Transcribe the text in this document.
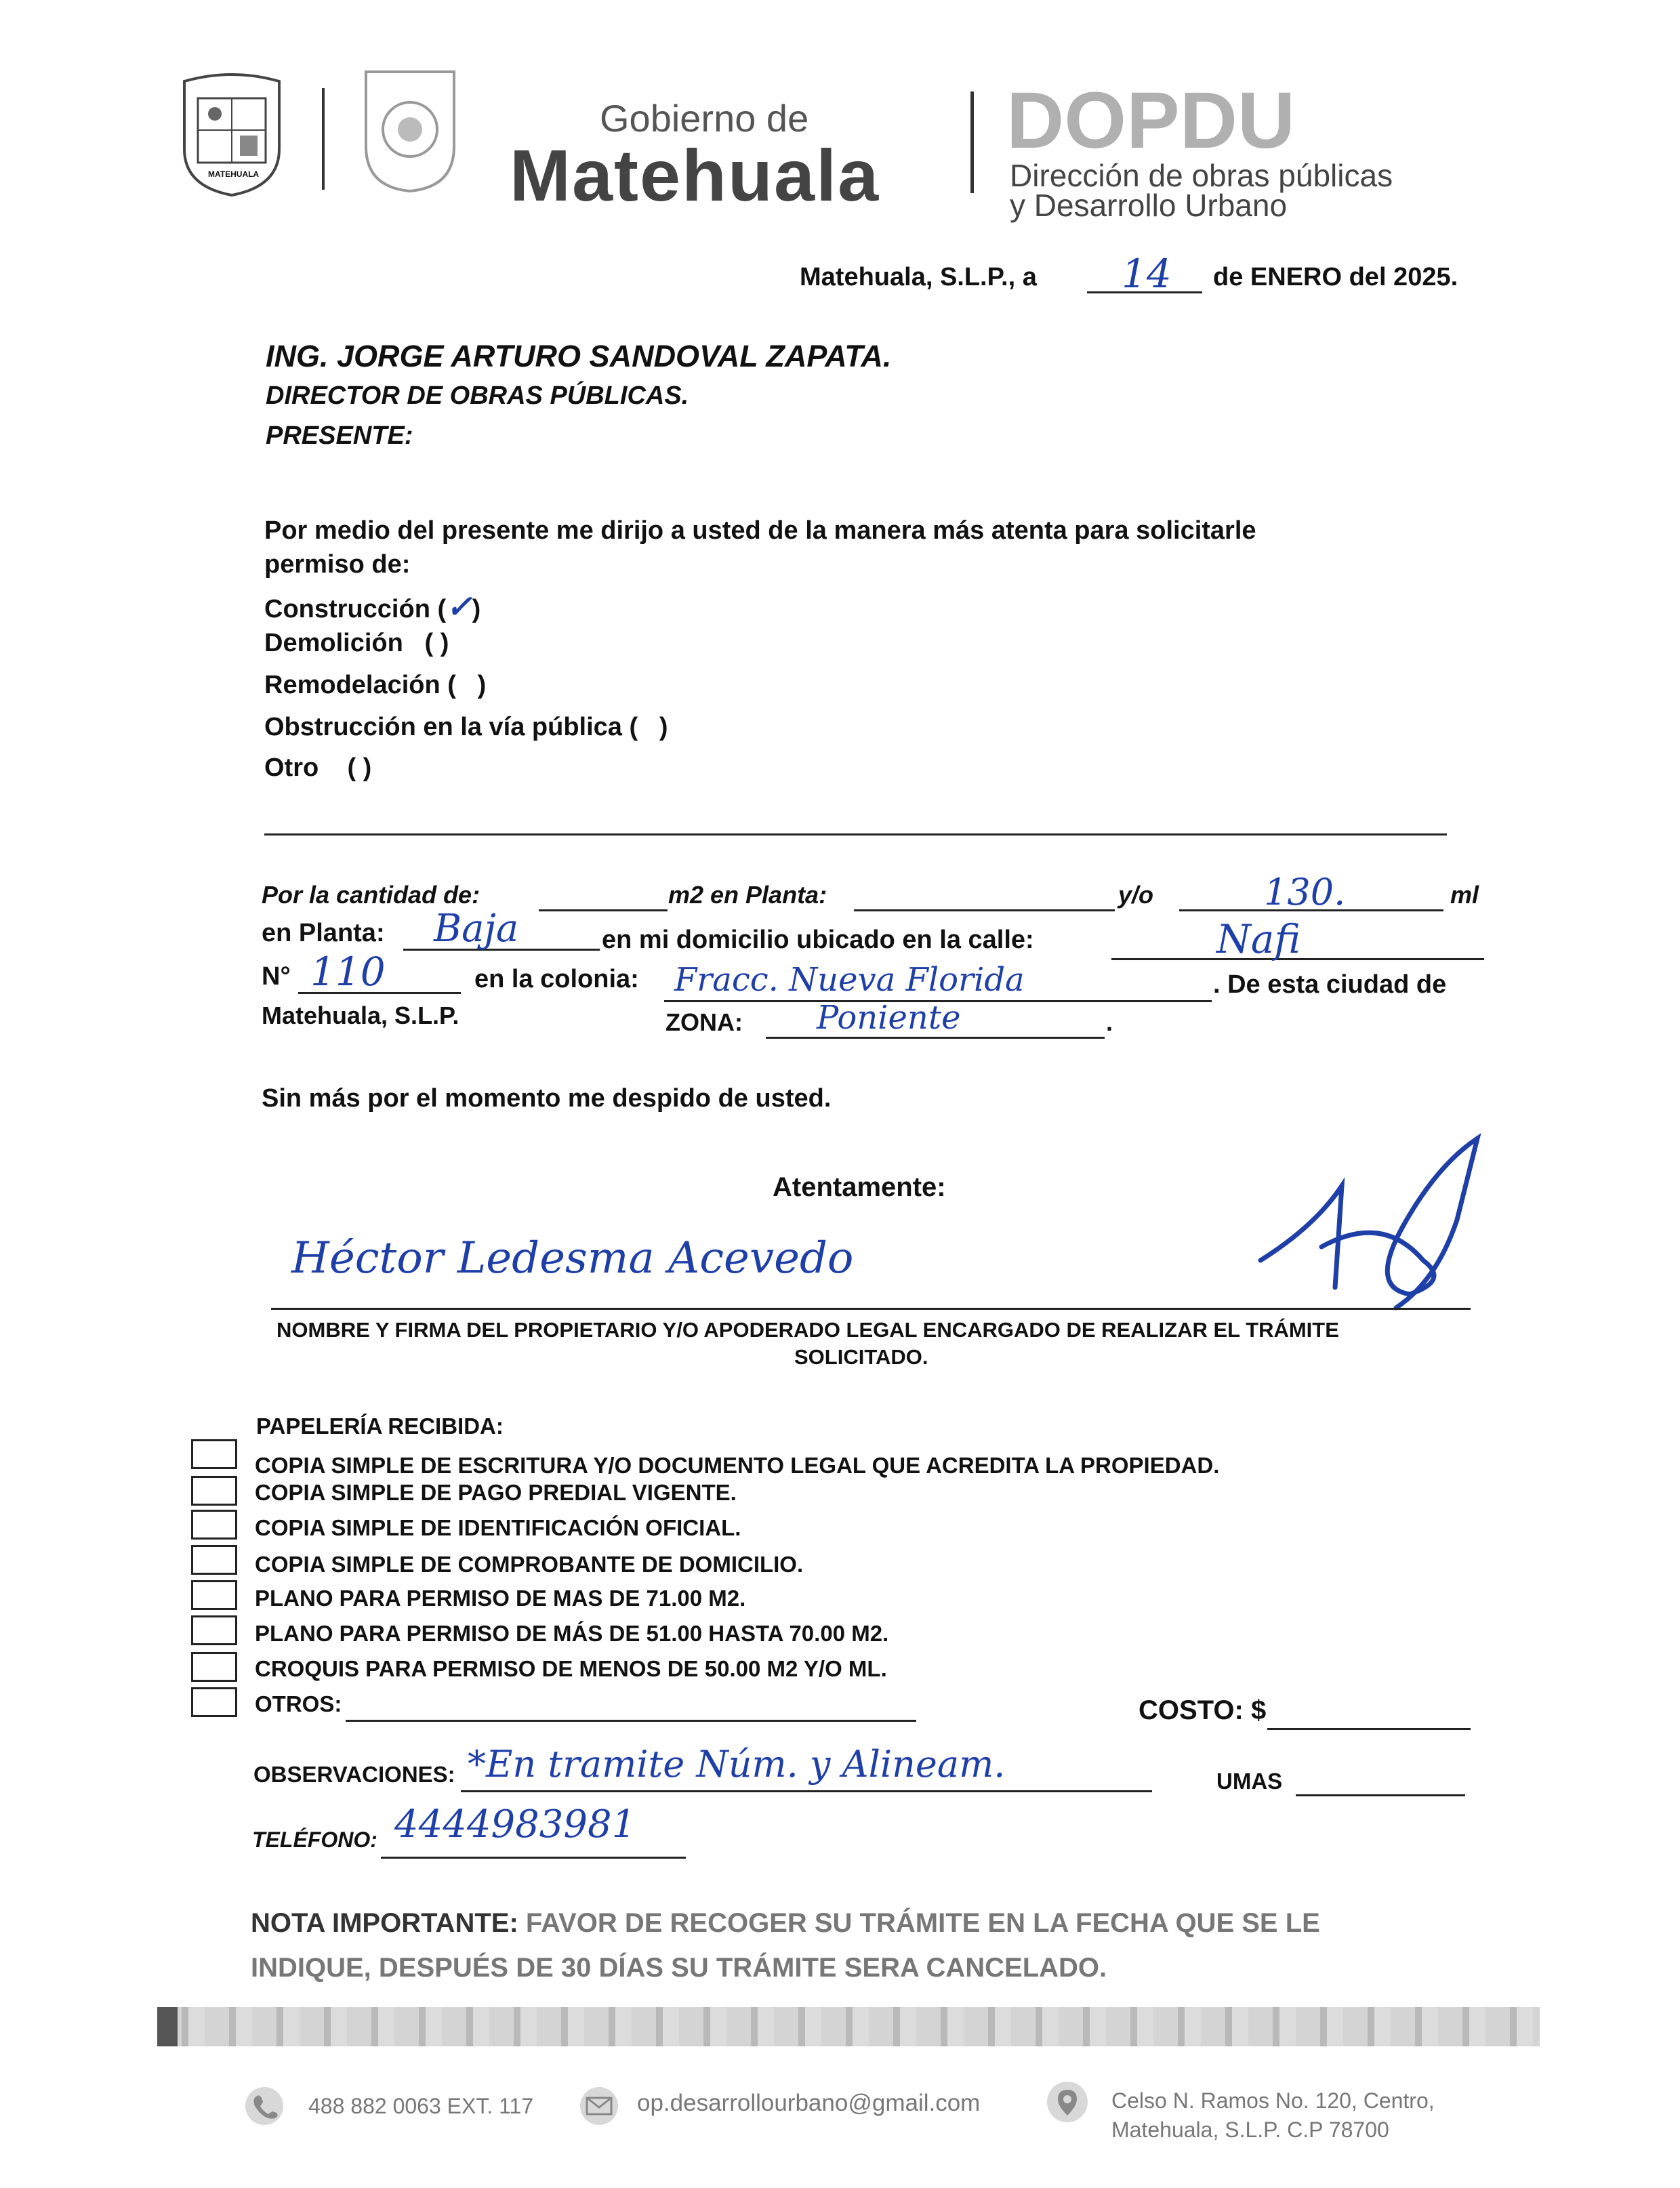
MATEHUALA
Gobierno de
Matehuala
DOPDU
Dirección de obras públicas
y Desarrollo Urbano
Matehuala, S.L.P., a 14 de ENERO del 2025.
ING. JORGE ARTURO SANDOVAL ZAPATA.
DIRECTOR DE OBRAS PÚBLICAS.
PRESENTE:
Por medio del presente me dirijo a usted de la manera más atenta para solicitarle
permiso de:
Construcción (✓)
Demolición ( )
Remodelación ( )
Obstrucción en la vía pública ( )
Otro ( )
Por la cantidad de:	m2 en Planta:	y/o	130.	ml
en Planta: Baja	en mi domicilio ubicado en la calle:	Nafi
N° 110	en la colonia: Fracc. Nueva Florida	. De esta ciudad de
Matehuala, S.L.P.	ZONA: Poniente	.
Sin más por el momento me despido de usted.
Atentamente:
Héctor Ledesma Acevedo
NOMBRE Y FIRMA DEL PROPIETARIO Y/O APODERADO LEGAL ENCARGADO DE REALIZAR EL TRÁMITE
SOLICITADO.
PAPELERÍA RECIBIDA:
COPIA SIMPLE DE ESCRITURA Y/O DOCUMENTO LEGAL QUE ACREDITA LA PROPIEDAD.
COPIA SIMPLE DE PAGO PREDIAL VIGENTE.
COPIA SIMPLE DE IDENTIFICACIÓN OFICIAL.
COPIA SIMPLE DE COMPROBANTE DE DOMICILIO.
PLANO PARA PERMISO DE MAS DE 71.00 M2.
PLANO PARA PERMISO DE MÁS DE 51.00 HASTA 70.00 M2.
CROQUIS PARA PERMISO DE MENOS DE 50.00 M2 Y/O ML.
OTROS:	COSTO: $
OBSERVACIONES: *En tramite Núm. y Alineam.	UMAS
TELÉFONO: 4444983981
NOTA IMPORTANTE: FAVOR DE RECOGER SU TRÁMITE EN LA FECHA QUE SE LE
INDIQUE, DESPUÉS DE 30 DÍAS SU TRÁMITE SERA CANCELADO.
488 882 0063 EXT. 117	op.desarrollourbano@gmail.com	Celso N. Ramos No. 120, Centro,
Matehuala, S.L.P. C.P 78700
